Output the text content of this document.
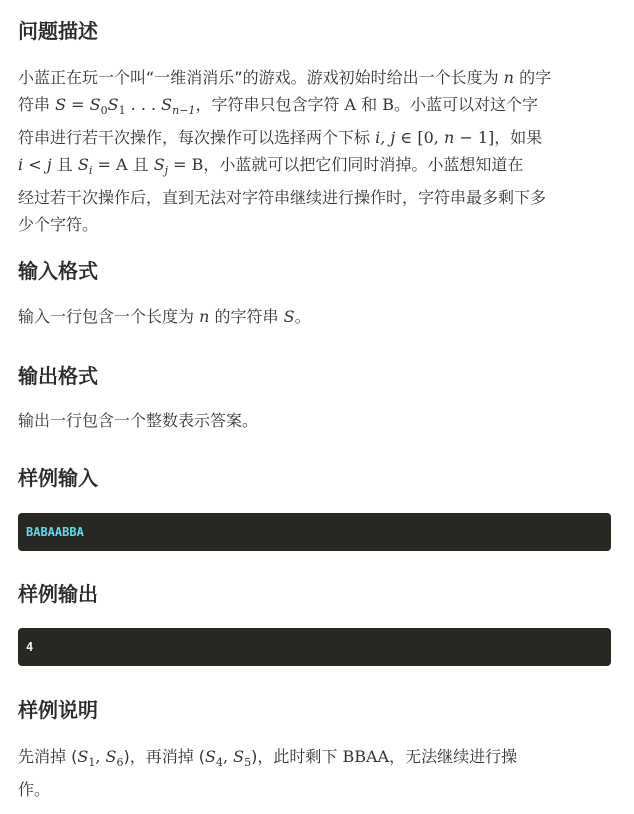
问题描述

小蓝正在玩一个叫“一维消消乐”的游戏。游戏初始时给出一个长度为 n 的字
符串 $S = S_0S_1$ . . . $S_{n-1}$，字符串只包含字符 A 和 B。小蓝可以对这个字
符串进行若干次操作，每次操作可以选择两个下标 i, j ∈ [0, n − 1]，如果
i < j 且 $S_i = A$ 且 $S_j = B$，小蓝就可以把它们同时消掉。小蓝想知道在
经过若干次操作后，直到无法对字符串继续进行操作时，字符串最多剩下多
少个字符。

输入格式

输入一行包含一个长度为 n 的字符串 S。

输出格式

输出一行包含一个整数表示答案。

样例输入
BABAABBA
样例输出
4
样例说明

先消掉 ($S_1$, $S_6$)，再消掉 ($S_4$, $S_5$)，此时剩下 BBAA，无法继续进行操
作。
